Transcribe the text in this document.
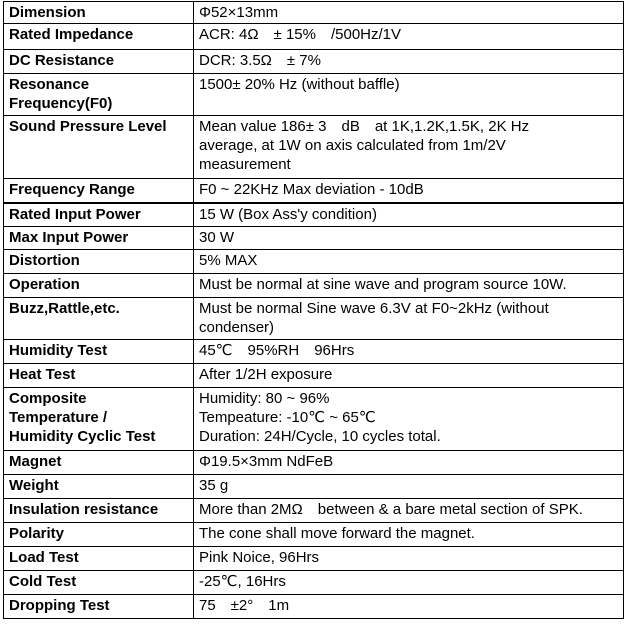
Dimension	Φ52×13mm

Rated Impedance	ACR: 4Ω　± 15%　/500Hz/1V

DC Resistance	DCR: 3.5Ω　± 7%

Resonance
Frequency(F0)	1500± 20% Hz (without baffle)

Sound Pressure Level	Mean value 186± 3　dB　at 1K,1.2K,1.5K, 2K Hz
average, at 1W on axis calculated from 1m/2V
measurement

Frequency Range	F0 ~ 22KHz Max deviation - 10dB

Rated Input Power	15 W (Box Ass'y condition)

Max Input Power	30 W

Distortion	5% MAX

Operation	Must be normal at sine wave and program source 10W.

Buzz,Rattle,etc.	Must be normal Sine wave 6.3V at F0~2kHz (without
condenser)

Humidity Test	45℃　95%RH　96Hrs

Heat Test	After 1/2H exposure

Composite
Temperature /
Humidity Cyclic Test	Humidity: 80 ~ 96%
Tempeature: -10℃ ~ 65℃
Duration: 24H/Cycle, 10 cycles total.

Magnet	Φ19.5×3mm NdFeB

Weight	35 g

Insulation resistance	More than 2MΩ　between & a bare metal section of SPK.

Polarity	The cone shall move forward the magnet.

Load Test	Pink Noice, 96Hrs

Cold Test	-25℃, 16Hrs

Dropping Test	75　±2°　1m
